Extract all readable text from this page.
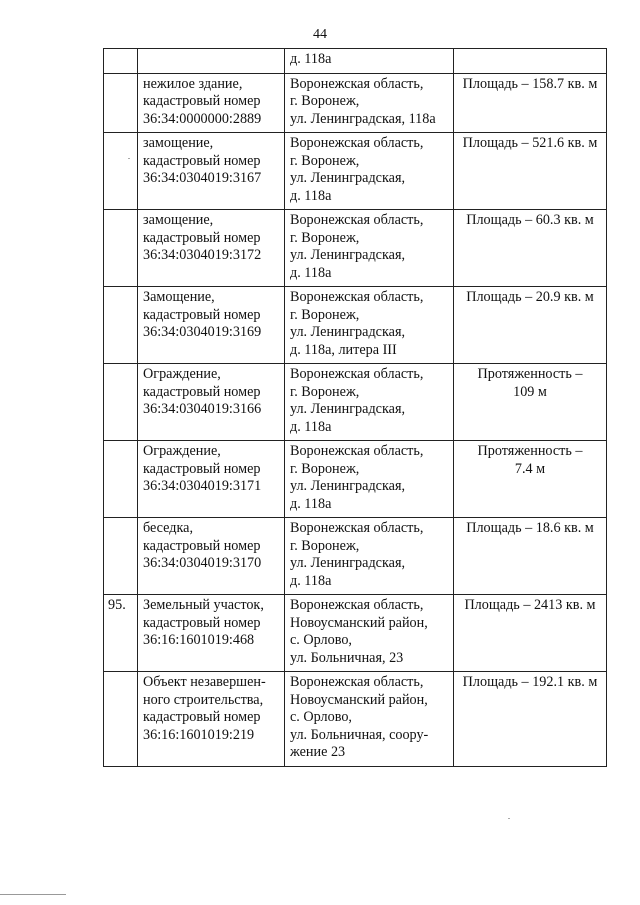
44

		д. 118а	

	нежилое здание,
кадастровый номер
36:34:0000000:2889	Воронежская область,
г. Воронеж,
ул. Ленинградская, 118а	Площадь – 158.7 кв. м

	замощение,
кадастровый номер
36:34:0304019:3167	Воронежская область,
г. Воронеж,
ул. Ленинградская,
д. 118а	Площадь – 521.6 кв. м

	замощение,
кадастровый номер
36:34:0304019:3172	Воронежская область,
г. Воронеж,
ул. Ленинградская,
д. 118а	Площадь – 60.3 кв. м

	Замощение,
кадастровый номер
36:34:0304019:3169	Воронежская область,
г. Воронеж,
ул. Ленинградская,
д. 118а, литера III	Площадь – 20.9 кв. м

	Ограждение,
кадастровый номер
36:34:0304019:3166	Воронежская область,
г. Воронеж,
ул. Ленинградская,
д. 118а	Протяженность –
109 м

	Ограждение,
кадастровый номер
36:34:0304019:3171	Воронежская область,
г. Воронеж,
ул. Ленинградская,
д. 118а	Протяженность –
7.4 м

	беседка,
кадастровый номер
36:34:0304019:3170	Воронежская область,
г. Воронеж,
ул. Ленинградская,
д. 118а	Площадь – 18.6 кв. м

95.	Земельный участок,
кадастровый номер
36:16:1601019:468	Воронежская область,
Новоусманский район,
с. Орлово,
ул. Больничная, 23	Площадь – 2413 кв. м

	Объект незавершен-
ного строительства,
кадастровый номер
36:16:1601019:219	Воронежская область,
Новоусманский район,
с. Орлово,
ул. Больничная, соору-
жение 23	Площадь – 192.1 кв. м
